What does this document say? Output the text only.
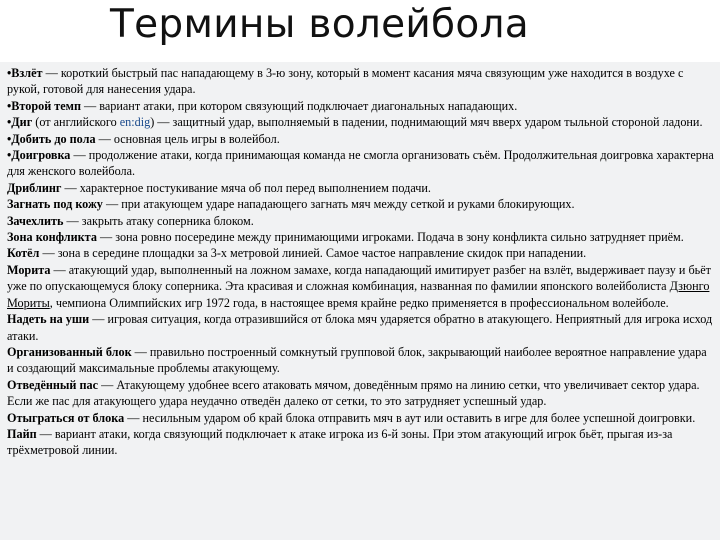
Термины волейбола

•Взлёт — короткий быстрый пас нападающему в 3-ю зону, который в момент касания мяча связующим уже находится в воздухе с рукой, готовой для нанесения удара.

•Второй темп — вариант атаки, при котором связующий подключает диагональных нападающих.

•Диг (от английского en:dig) — защитный удар, выполняемый в падении, поднимающий мяч вверх ударом тыльной стороной ладони.

•Добить до пола — основная цель игры в волейбол.

•Доигровка — продолжение атаки, когда принимающая команда не смогла организовать съём. Продолжительная доигровка характерна для женского волейбола.

Дриблинг — характерное постукивание мяча об пол перед выполнением подачи.

Загнать под кожу — при атакующем ударе нападающего загнать мяч между сеткой и руками блокирующих.

Зачехлить — закрыть атаку соперника блоком.

Зона конфликта — зона ровно посередине между принимающими игроками. Подача в зону конфликта сильно затрудняет приём.

Котёл — зона в середине площадки за 3-х метровой линией. Самое частое направление скидок при нападении.

Морита — атакующий удар, выполненный на ложном замахе, когда нападающий имитирует разбег на взлёт, выдерживает паузу и бьёт уже по опускающемуся блоку соперника. Эта красивая и сложная комбинация, названная по фамилии японского волейболиста Дзюнго Мориты, чемпиона Олимпийских игр 1972 года, в настоящее время крайне редко применяется в профессиональном волейболе.

Надеть на уши — игровая ситуация, когда отразившийся от блока мяч ударяется обратно в атакующего. Неприятный для игрока исход атаки.

Организованный блок — правильно построенный сомкнутый групповой блок, закрывающий наиболее вероятное направление удара и создающий максимальные проблемы атакующему.

Отведённый пас — Атакующему удобнее всего атаковать мячом, доведённым прямо на линию сетки, что увеличивает сектор удара. Если же пас для атакующего удара неудачно отведён далеко от сетки, то это затрудняет успешный удар.

Отыграться от блока — несильным ударом об край блока отправить мяч в аут или оставить в игре для более успешной доигровки.

Пайп — вариант атаки, когда связующий подключает к атаке игрока из 6-й зоны. При этом атакующий игрок бьёт, прыгая из-за трёхметровой линии.
